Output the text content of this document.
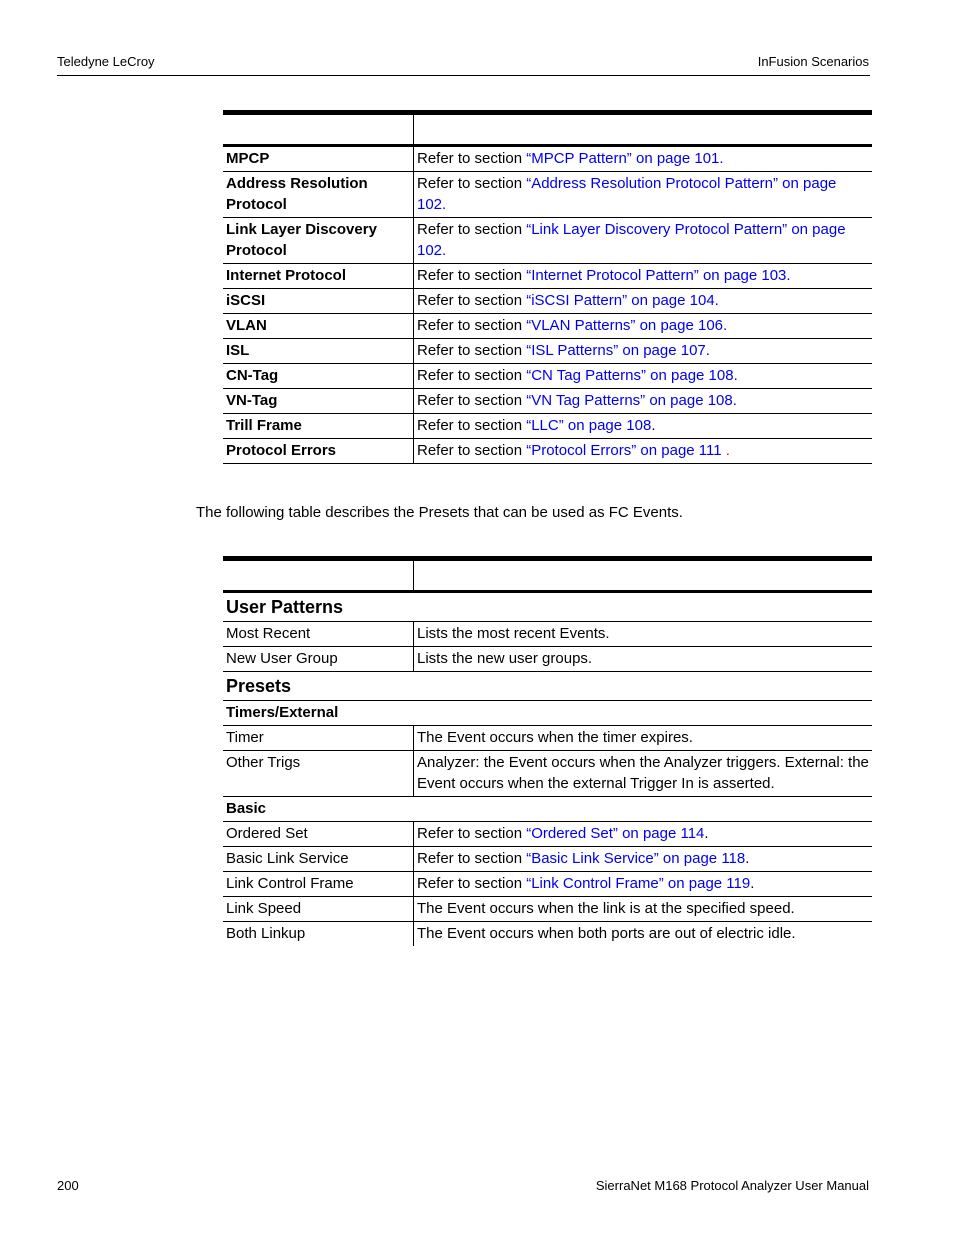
Teledyne LeCroy	InFusion Scenarios

MPCP	Refer to section “MPCP Pattern” on page 101.
Address Resolution Protocol	Refer to section “Address Resolution Protocol Pattern” on page 102.
Link Layer Discovery Protocol	Refer to section “Link Layer Discovery Protocol Pattern” on page 102.
Internet Protocol	Refer to section “Internet Protocol Pattern” on page 103.
iSCSI	Refer to section “iSCSI Pattern” on page 104.
VLAN	Refer to section “VLAN Patterns” on page 106.
ISL	Refer to section “ISL Patterns” on page 107.
CN-Tag	Refer to section “CN Tag Patterns” on page 108.
VN-Tag	Refer to section “VN Tag Patterns” on page 108.
Trill Frame	Refer to section “LLC” on page 108.
Protocol Errors	Refer to section “Protocol Errors” on page 111 .
The following table describes the Presets that can be used as FC Events.

User Patterns	
Most Recent	Lists the most recent Events.
New User Group	Lists the new user groups.
Presets	
Timers/External	
Timer	The Event occurs when the timer expires.
Other Trigs	Analyzer: the Event occurs when the Analyzer triggers. External: the Event occurs when the external Trigger In is asserted.
Basic	
Ordered Set	Refer to section “Ordered Set” on page 114.
Basic Link Service	Refer to section “Basic Link Service” on page 118.
Link Control Frame	Refer to section “Link Control Frame” on page 119.
Link Speed	The Event occurs when the link is at the specified speed.
Both Linkup	The Event occurs when both ports are out of electric idle.
200	SierraNet M168 Protocol Analyzer User Manual
